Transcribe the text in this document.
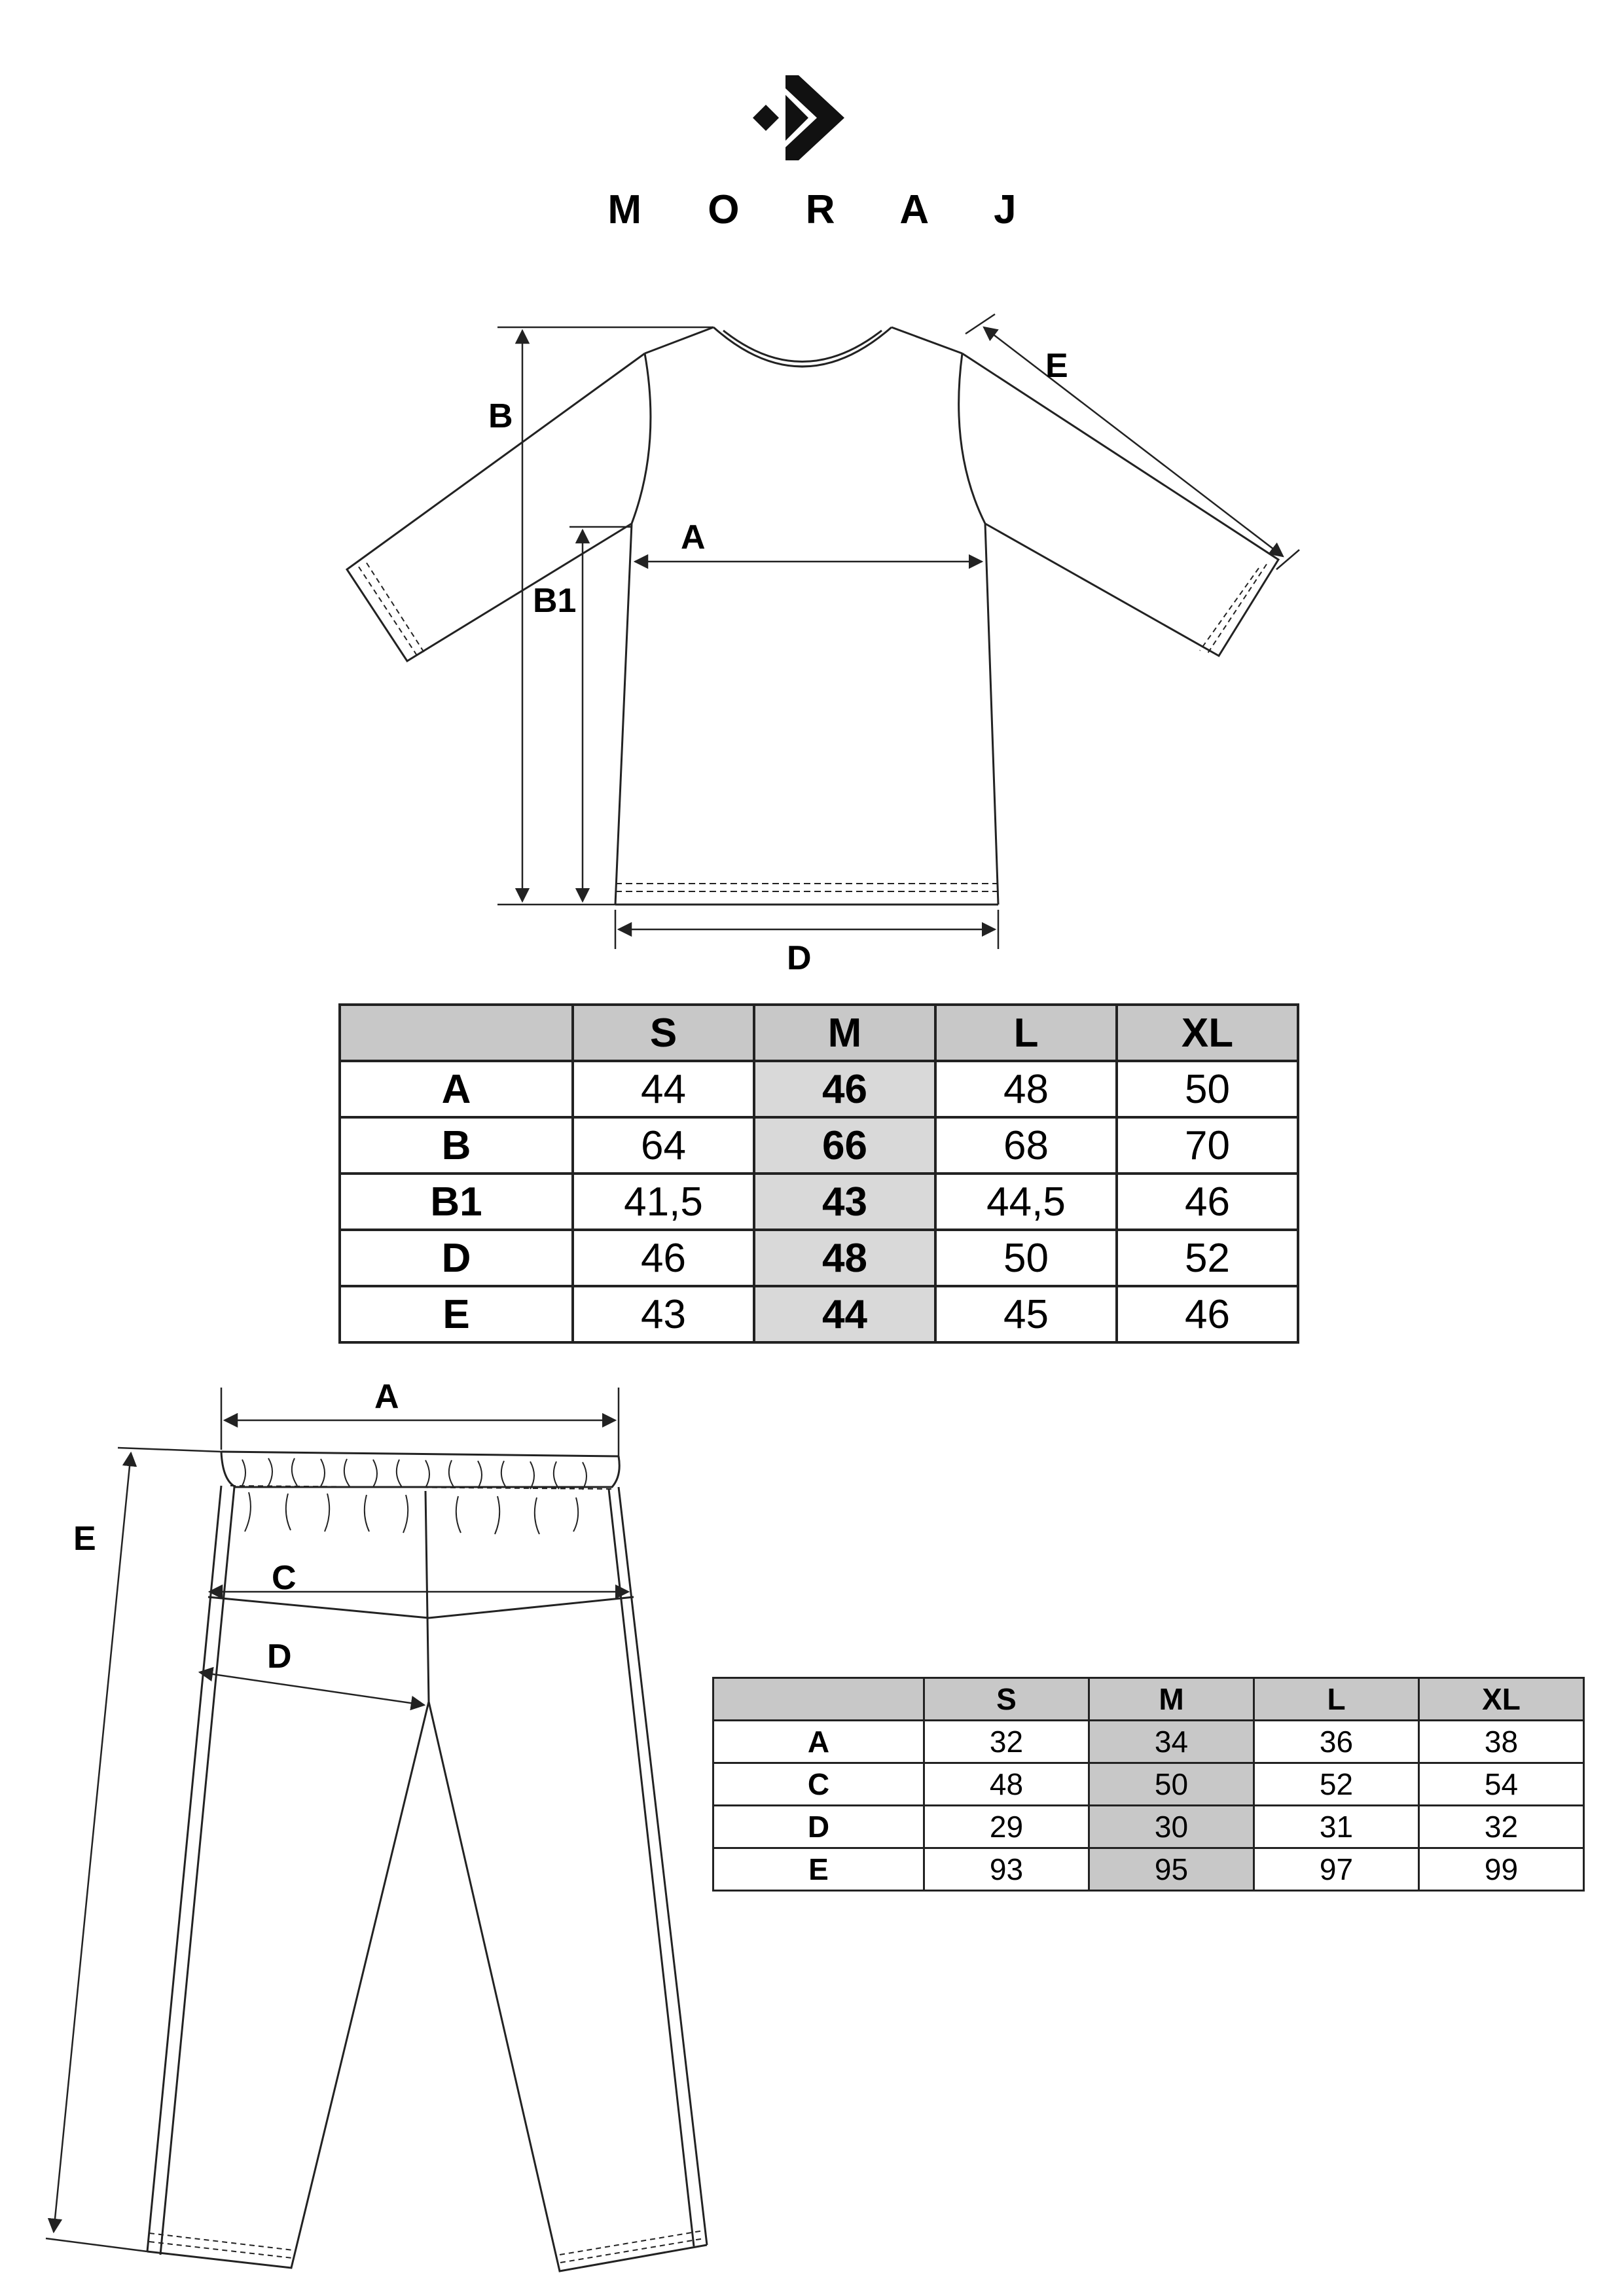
M O R A J
B
E
A
B1
D
	S	M	L	XL
A	44	46	48	50
B	64	66	68	70
B1	41,5	43	44,5	46
D	46	48	50	52
E	43	44	45	46
A
E
C
D
	S	M	L	XL
A	32	34	36	38
C	48	50	52	54
D	29	30	31	32
E	93	95	97	99
